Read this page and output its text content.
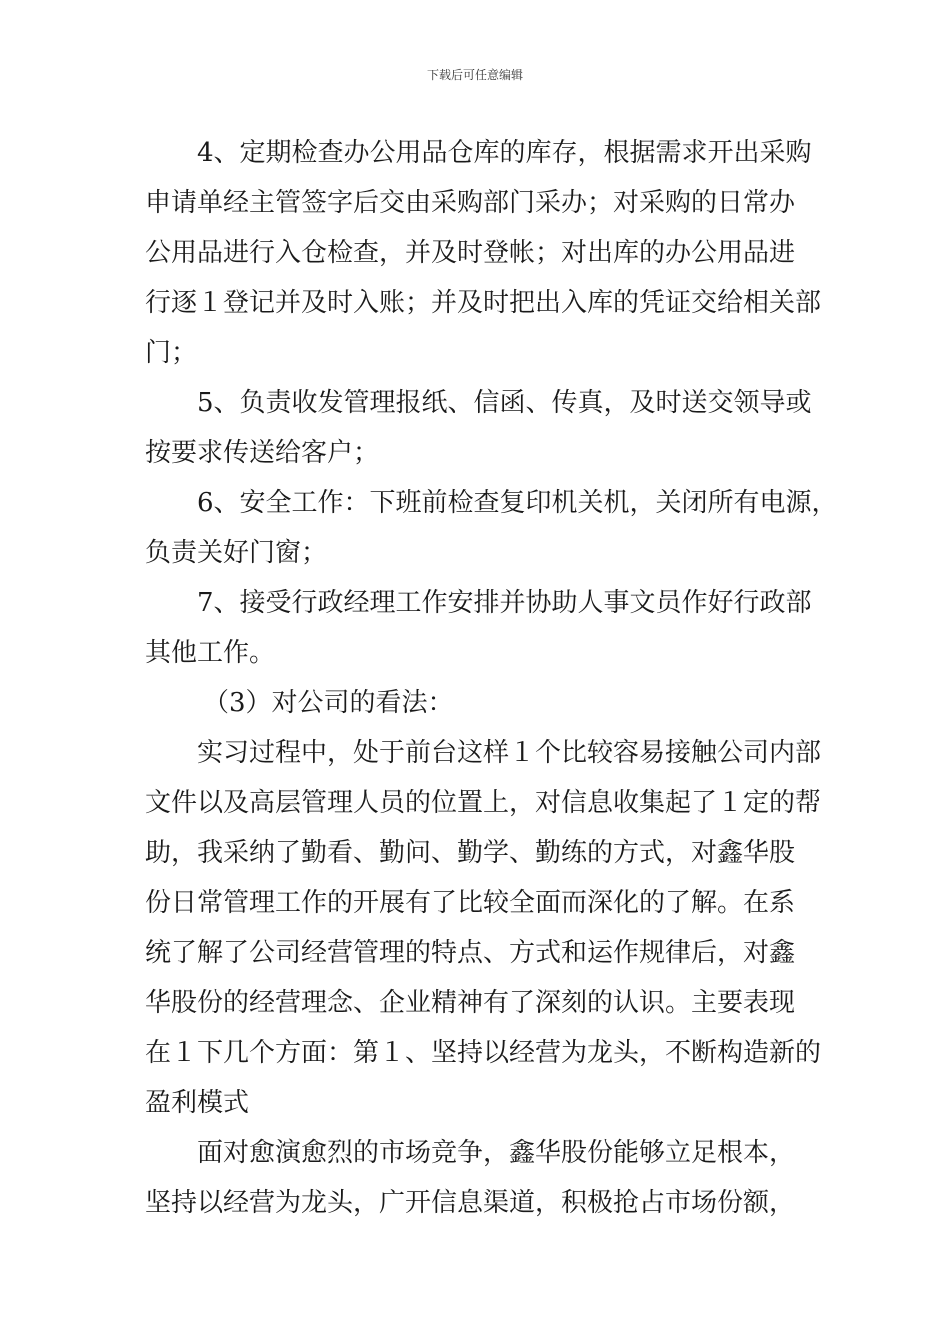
下载后可任意编辑
4、定期检查办公用品仓库的库存，根据需求开出采购
申请单经主管签字后交由采购部门采办；对采购的日常办
公用品进行入仓检查，并及时登帐；对出库的办公用品进
行逐１登记并及时入账；并及时把出入库的凭证交给相关部
门；
5、负责收发管理报纸、信函、传真，及时送交领导或
按要求传送给客户；
6、安全工作：下班前检查复印机关机，关闭所有电源，
负责关好门窗；
7、接受行政经理工作安排并协助人事文员作好行政部
其他工作。
（3）对公司的看法：
实习过程中，处于前台这样１个比较容易接触公司内部
文件以及高层管理人员的位置上，对信息收集起了１定的帮
助，我采纳了勤看、勤问、勤学、勤练的方式，对鑫华股
份日常管理工作的开展有了比较全面而深化的了解。在系
统了解了公司经营管理的特点、方式和运作规律后，对鑫
华股份的经营理念、企业精神有了深刻的认识。主要表现
在１下几个方面：第１、坚持以经营为龙头，不断构造新的
盈利模式
面对愈演愈烈的市场竞争，鑫华股份能够立足根本，
坚持以经营为龙头，广开信息渠道，积极抢占市场份额，
